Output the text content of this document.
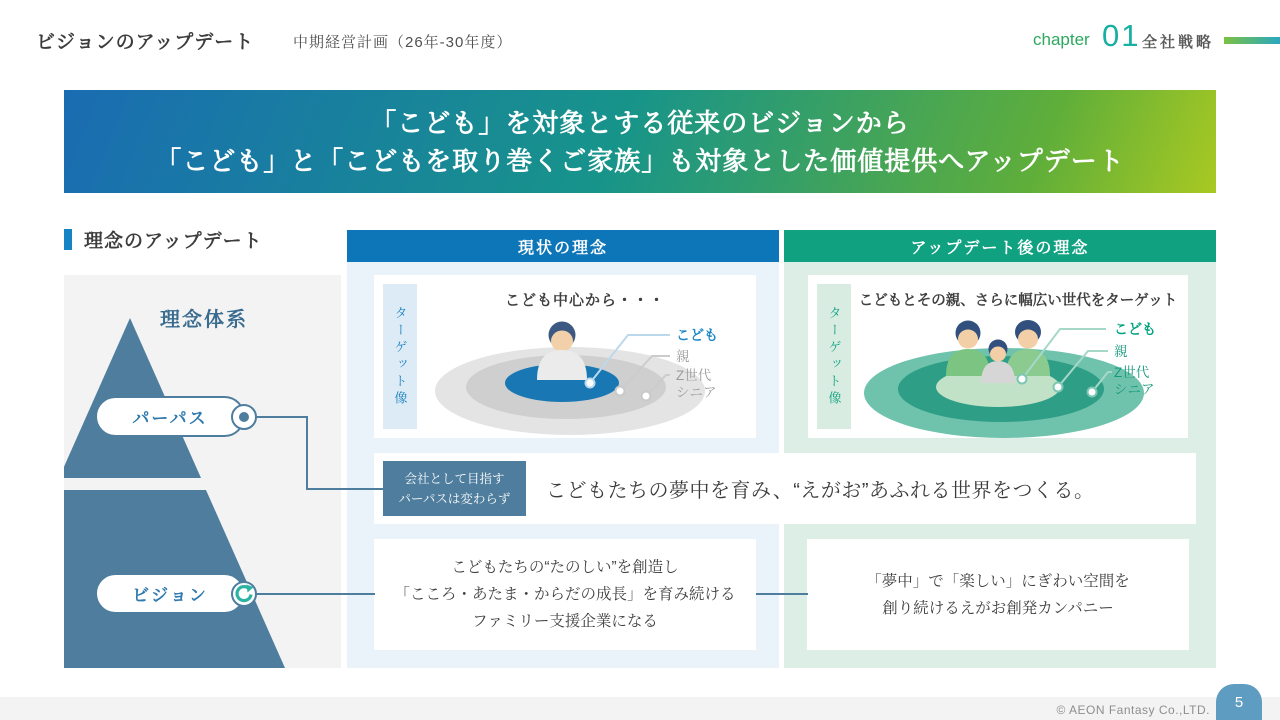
ビジョンのアップデート	中期経営計画（26年-30年度）	chapter 01 全社戦略
「こども」を対象とする従来のビジョンから
「こども」と「こどもを取り巻くご家族」も対象とした価値提供へアップデート
理念のアップデート
理念体系
パーパス
ビジョン
現状の理念	アップデート後の理念
ターゲット像
こども中心から・・・
こども
親
Z世代
シニア	ターゲット像
こどもとその親、さらに幅広い世代をターゲット
こども
親
Z世代
シニア
会社として目指す
パーパスは変わらず こどもたちの夢中を育み、“えがお”あふれる世界をつくる。
こどもたちの“たのしい”を創造し
「こころ・あたま・からだの成長」を育み続ける
ファミリー支援企業になる
「夢中」で「楽しい」にぎわい空間を
創り続けるえがお創発カンパニー
© AEON Fantasy Co.,LTD. 5
